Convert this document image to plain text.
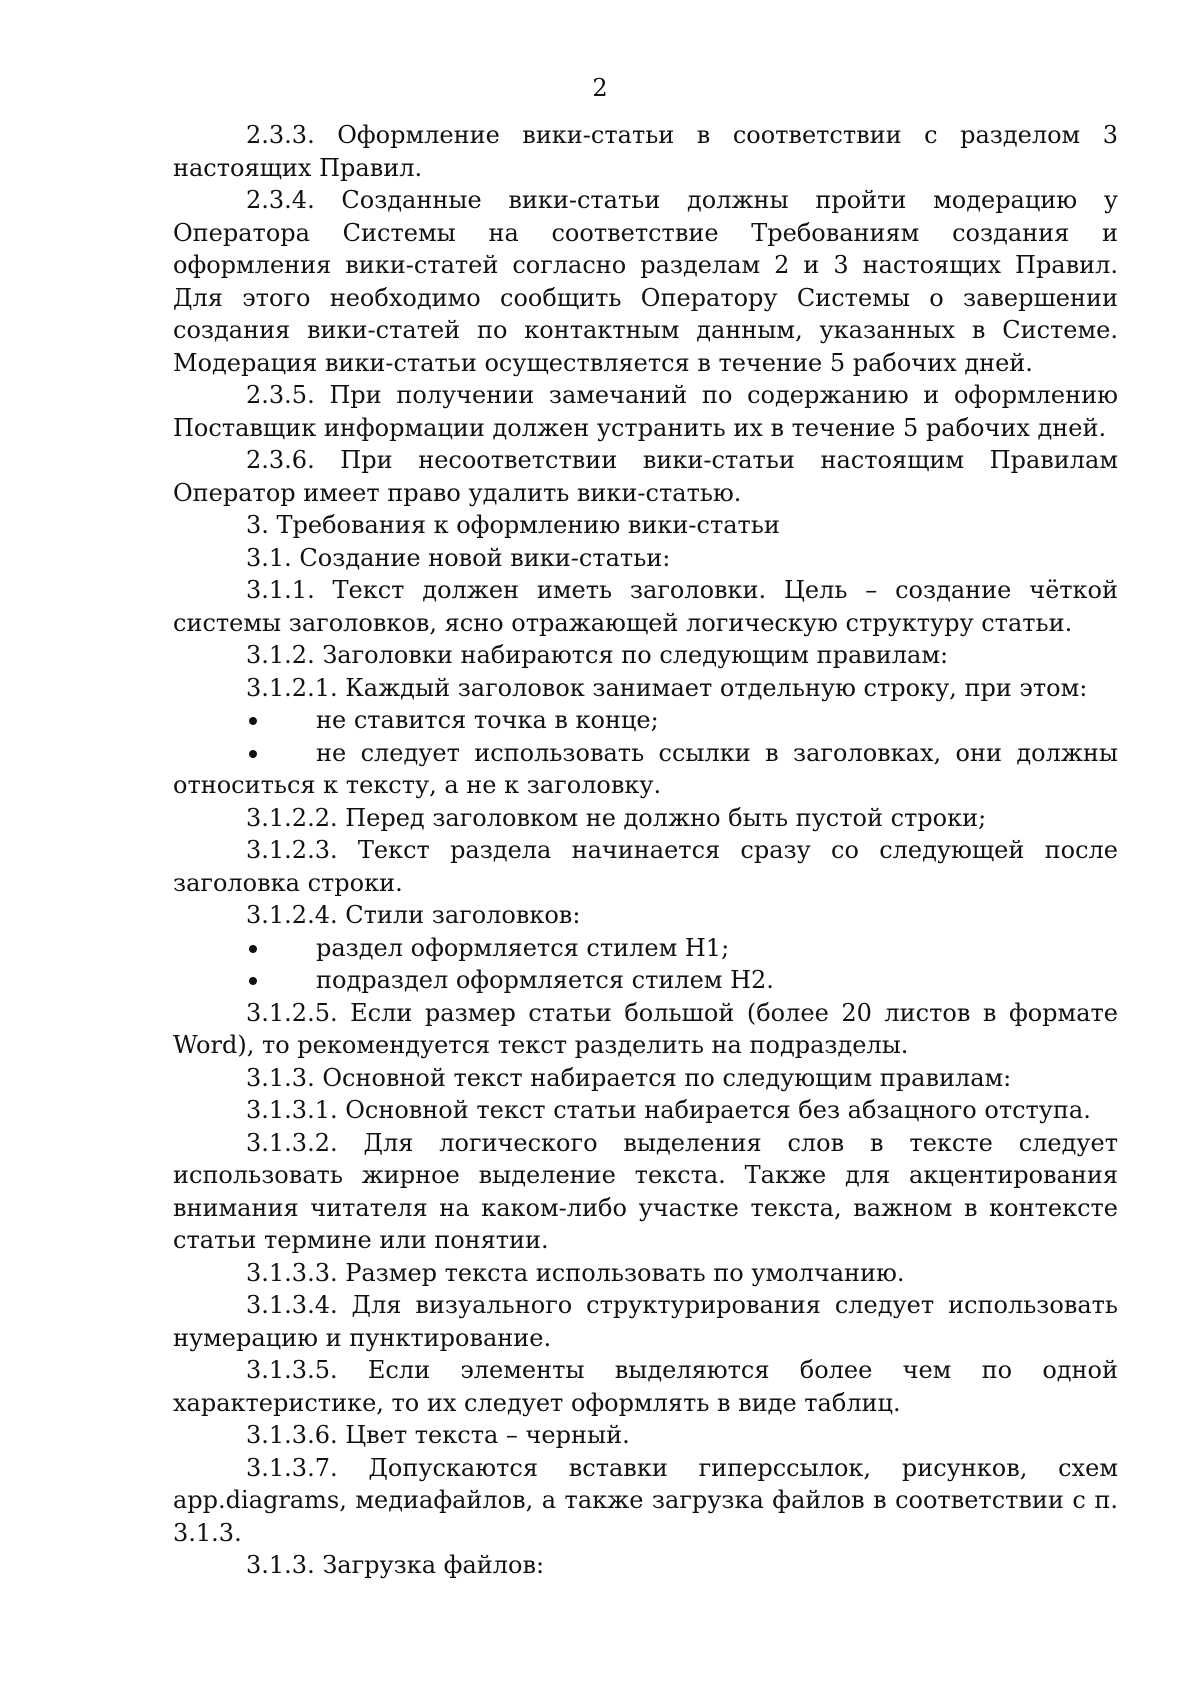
2

2.3.3. Оформление вики-статьи в соответствии с разделом 3 настоящих Правил.

2.3.4. Созданные вики-статьи должны пройти модерацию у Оператора Системы на соответствие Требованиям создания и оформления вики-статей согласно разделам 2 и 3 настоящих Правил. Для этого необходимо сообщить Оператору Системы о завершении создания вики-статей по контактным данным, указанных в Системе. Модерация вики-статьи осуществляется в течение 5 рабочих дней.

2.3.5. При получении замечаний по содержанию и оформлению Поставщик информации должен устранить их в течение 5 рабочих дней.

2.3.6. При несоответствии вики-статьи настоящим Правилам Оператор имеет право удалить вики-статью.

3. Требования к оформлению вики-статьи

3.1. Создание новой вики-статьи:

3.1.1. Текст должен иметь заголовки. Цель – создание чёткой системы заголовков, ясно отражающей логическую структуру статьи.

3.1.2. Заголовки набираются по следующим правилам:

3.1.2.1. Каждый заголовок занимает отдельную строку, при этом:

не ставится точка в конце;

не следует использовать ссылки в заголовках, они должны относиться к тексту, а не к заголовку.

3.1.2.2. Перед заголовком не должно быть пустой строки;

3.1.2.3. Текст раздела начинается сразу со следующей после заголовка строки.

3.1.2.4. Стили заголовков:

раздел оформляется стилем H1;

подраздел оформляется стилем H2.

3.1.2.5. Если размер статьи большой (более 20 листов в формате Word), то рекомендуется текст разделить на подразделы.

3.1.3. Основной текст набирается по следующим правилам:

3.1.3.1. Основной текст статьи набирается без абзацного отступа.

3.1.3.2. Для логического выделения слов в тексте следует использовать жирное выделение текста. Также для акцентирования внимания читателя на каком-либо участке текста, важном в контексте статьи термине или понятии.

3.1.3.3. Размер текста использовать по умолчанию.

3.1.3.4. Для визуального структурирования следует использовать нумерацию и пунктирование.

3.1.3.5. Если элементы выделяются более чем по одной характеристике, то их следует оформлять в виде таблиц.

3.1.3.6. Цвет текста – черный.

3.1.3.7. Допускаются вставки гиперссылок, рисунков, схем app.diagrams, медиафайлов, а также загрузка файлов в соответствии с п. 3.1.3.

3.1.3. Загрузка файлов:
